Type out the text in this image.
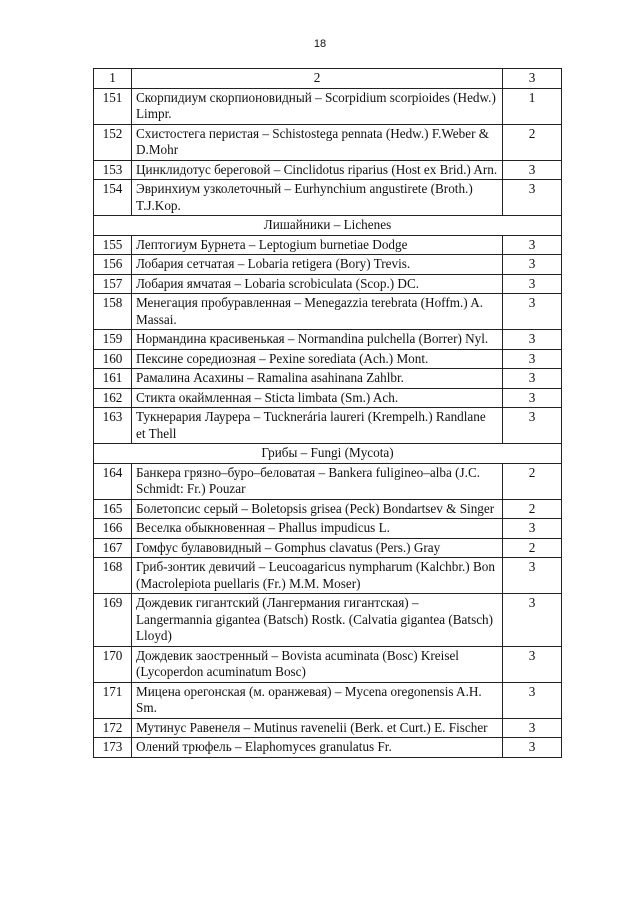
18
1	2	3
151	Скорпидиум скорпионовидный – Scorpidium scorpioides (Hedw.) Limpr.	1
152	Схистостега перистая – Schistostega pennata (Hedw.) F.Weber & D.Mohr	2
153	Цинклидотус береговой – Cinclidotus riparius (Host ex Brid.) Arn.	3
154	Эвринхиум узколеточный – Eurhynchium angustirete (Broth.) T.J.Kop.	3
Лишайники – Lichenes		
155	Лептогиум Бурнета – Leptogium burnetiae Dodge	3
156	Лобария сетчатая – Lobaria retigera (Bory) Trevis.	3
157	Лобария ямчатая – Lobaria scrobiculata (Scop.) DC.	3
158	Менегация пробуравленная – Menegazzia terebrata (Hoffm.) A. Massai.	3
159	Нормандина красивенькая – Normandina pulchella (Borrer) Nyl.	3
160	Пексине соредиозная – Pexine sorediata (Ach.) Mont.	3
161	Рамалина Асахины – Ramalina asahinana Zahlbr.	3
162	Стикта окаймленная – Sticta limbata (Sm.) Ach.	3
163	Тукнерария Лаурера – Tucknerária laureri (Krempelh.) Randlane et Thell	3
Грибы – Fungi (Mycota)		
164	Банкера грязно–буро–беловатая – Bankera fuligineo–alba (J.C. Schmidt: Fr.) Pouzar	2
165	Болетопсис серый – Boletopsis grisea (Peck) Bondartsev & Singer	2
166	Веселка обыкновенная – Phallus impudicus L.	3
167	Гомфус булавовидный – Gomphus clavatus (Pers.) Gray	2
168	Гриб-зонтик девичий – Leucoagaricus nympharum (Kalchbr.) Bon (Macrolepiota puellaris (Fr.) M.M. Moser)	3
169	Дождевик гигантский (Лангермания гигантская) – Langermannia gigantea (Batsch) Rostk. (Calvatia gigantea (Batsch) Lloyd)	3
170	Дождевик заостренный – Bovista acuminata (Bosc) Kreisel (Lycoperdon acuminatum Bosc)	3
171	Мицена орегонская (м. оранжевая) – Mycena oregonensis A.H. Sm.	3
172	Мутинус Равенеля – Mutinus ravenelii (Berk. et Curt.) E. Fischer	3
173	Олений трюфель – Elaphomyces granulatus Fr.	3
